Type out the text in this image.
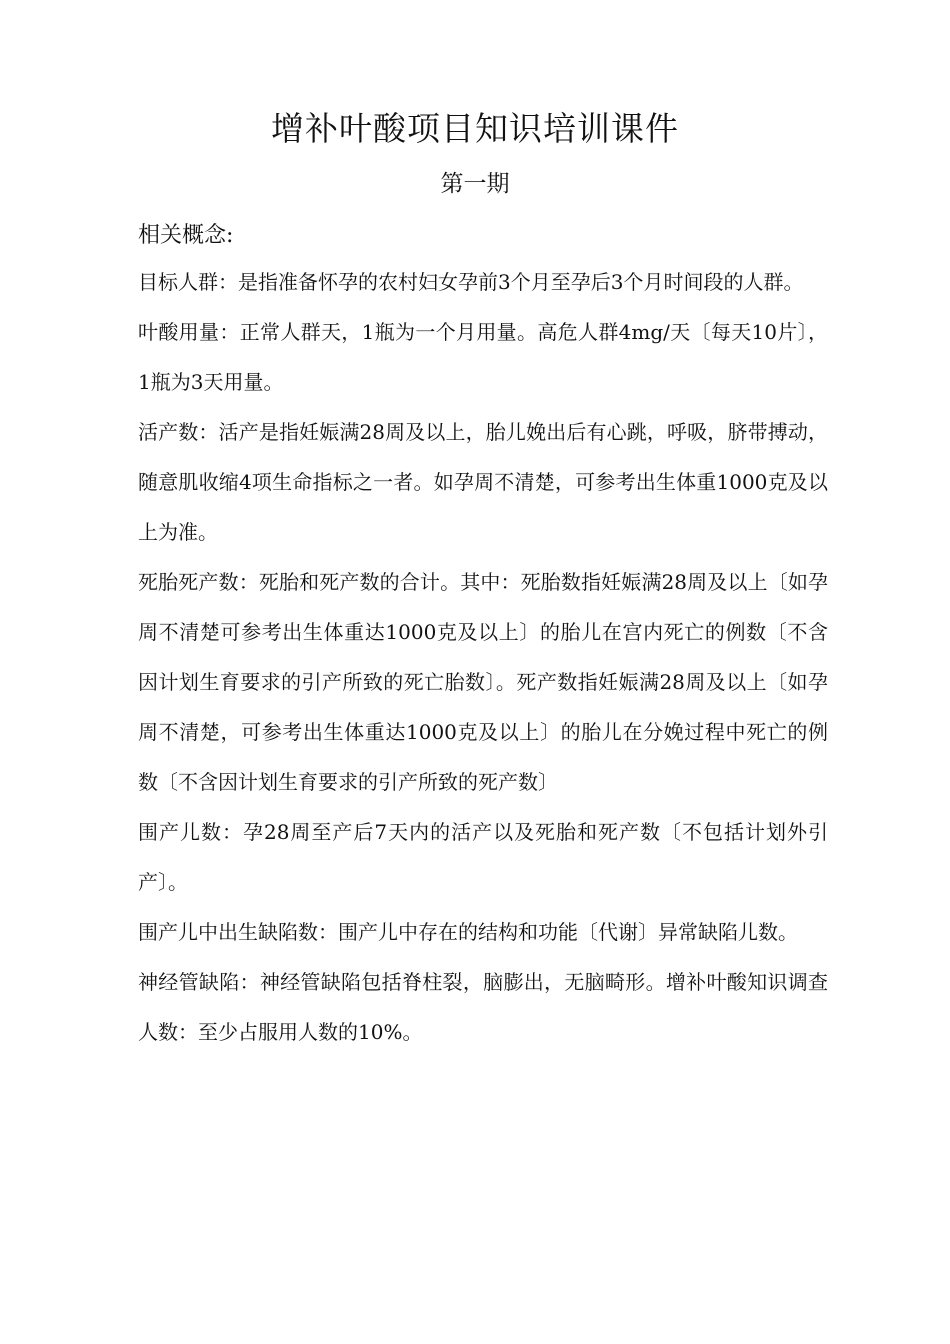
增补叶酸项目知识培训课件
第一期
相关概念:

目标人群：是指准备怀孕的农村妇女孕前3个月至孕后3个月时间段的人群。

叶酸用量：正常人群天，1瓶为一个月用量。高危人群4mg/天〔每天10片〕，1瓶为3天用量。

活产数：活产是指妊娠满28周及以上，胎儿娩出后有心跳，呼吸，脐带搏动，随意肌收缩4项生命指标之一者。如孕周不清楚，可参考出生体重1000克及以上为准。

死胎死产数：死胎和死产数的合计。其中：死胎数指妊娠满28周及以上〔如孕周不清楚可参考出生体重达1000克及以上〕的胎儿在宫内死亡的例数〔不含因计划生育要求的引产所致的死亡胎数〕。死产数指妊娠满28周及以上〔如孕周不清楚，可参考出生体重达1000克及以上〕的胎儿在分娩过程中死亡的例数〔不含因计划生育要求的引产所致的死产数〕

围产儿数：孕28周至产后7天内的活产以及死胎和死产数〔不包括计划外引产〕。

围产儿中出生缺陷数：围产儿中存在的结构和功能〔代谢〕异常缺陷儿数。

神经管缺陷：神经管缺陷包括脊柱裂，脑膨出，无脑畸形。增补叶酸知识调查人数：至少占服用人数的10%。
